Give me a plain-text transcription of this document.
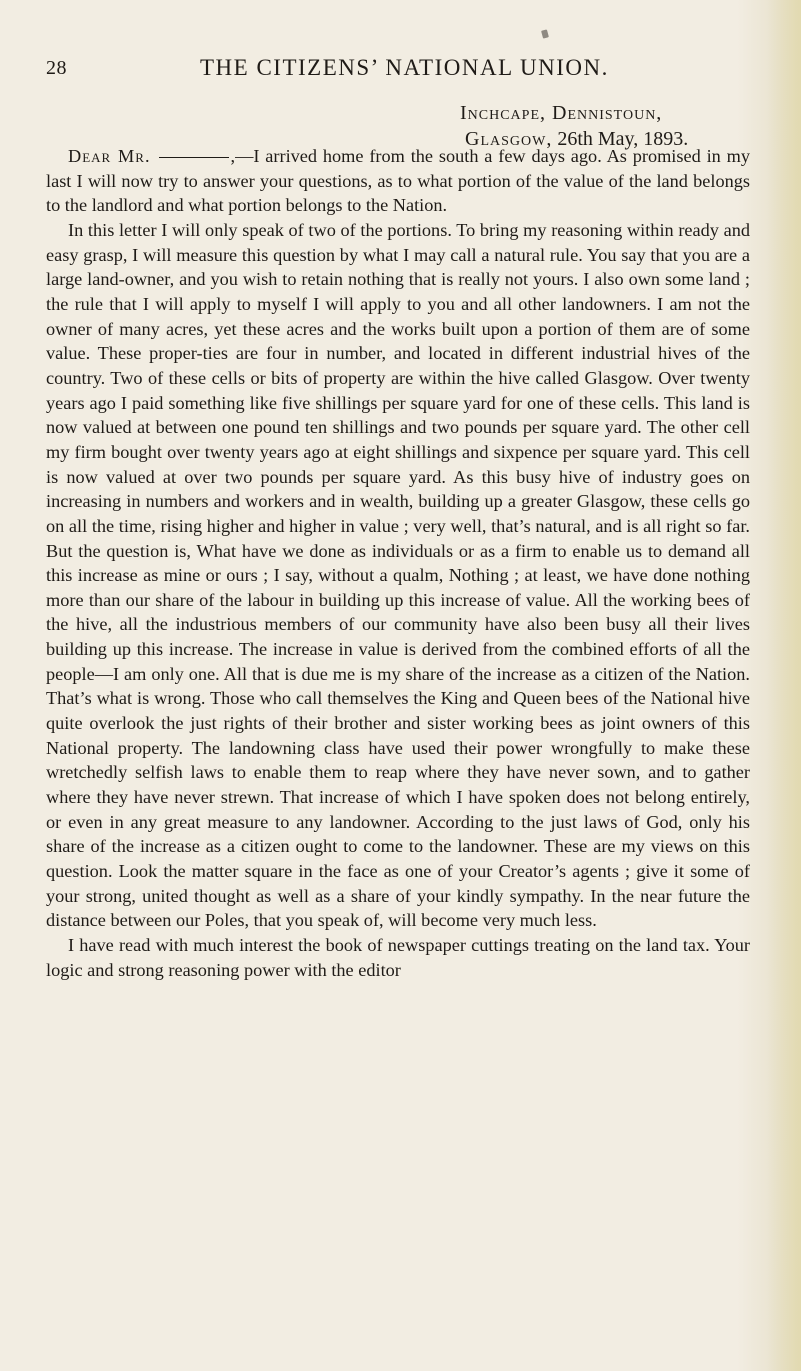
28	THE CITIZENS’ NATIONAL UNION.
Inchcape, Dennistoun,
Glasgow, 26th May, 1893.

Dear Mr.	,—I arrived home from the south a few days ago. As promised in my last I will now try to answer your questions, as to what portion of the value of the land belongs to the landlord and what portion belongs to the Nation.

In this letter I will only speak of two of the portions. To bring my reasoning within ready and easy grasp, I will measure this question by what I may call a natural rule. You say that you are a large land-owner, and you wish to retain nothing that is really not yours. I also own some land ; the rule that I will apply to myself I will apply to you and all other landowners. I am not the owner of many acres, yet these acres and the works built upon a portion of them are of some value. These proper-ties are four in number, and located in different industrial hives of the country. Two of these cells or bits of property are within the hive called Glasgow. Over twenty years ago I paid something like five shillings per square yard for one of these cells. This land is now valued at between one pound ten shillings and two pounds per square yard. The other cell my firm bought over twenty years ago at eight shillings and sixpence per square yard. This cell is now valued at over two pounds per square yard. As this busy hive of industry goes on increasing in numbers and workers and in wealth, building up a greater Glasgow, these cells go on all the time, rising higher and higher in value ; very well, that’s natural, and is all right so far. But the question is, What have we done as individuals or as a firm to enable us to demand all this increase as mine or ours ; I say, without a qualm, Nothing ; at least, we have done nothing more than our share of the labour in building up this increase of value. All the working bees of the hive, all the industrious members of our community have also been busy all their lives building up this increase. The increase in value is derived from the combined efforts of all the people—I am only one. All that is due me is my share of the increase as a citizen of the Nation. That’s what is wrong. Those who call themselves the King and Queen bees of the National hive quite overlook the just rights of their brother and sister working bees as joint owners of this National property. The landowning class have used their power wrongfully to make these wretchedly selfish laws to enable them to reap where they have never sown, and to gather where they have never strewn. That increase of which I have spoken does not belong entirely, or even in any great measure to any landowner. According to the just laws of God, only his share of the increase as a citizen ought to come to the landowner. These are my views on this question. Look the matter square in the face as one of your Creator’s agents ; give it some of your strong, united thought as well as a share of your kindly sympathy. In the near future the distance between our Poles, that you speak of, will become very much less.

I have read with much interest the book of newspaper cuttings treating on the land tax. Your logic and strong reasoning power with the editor
